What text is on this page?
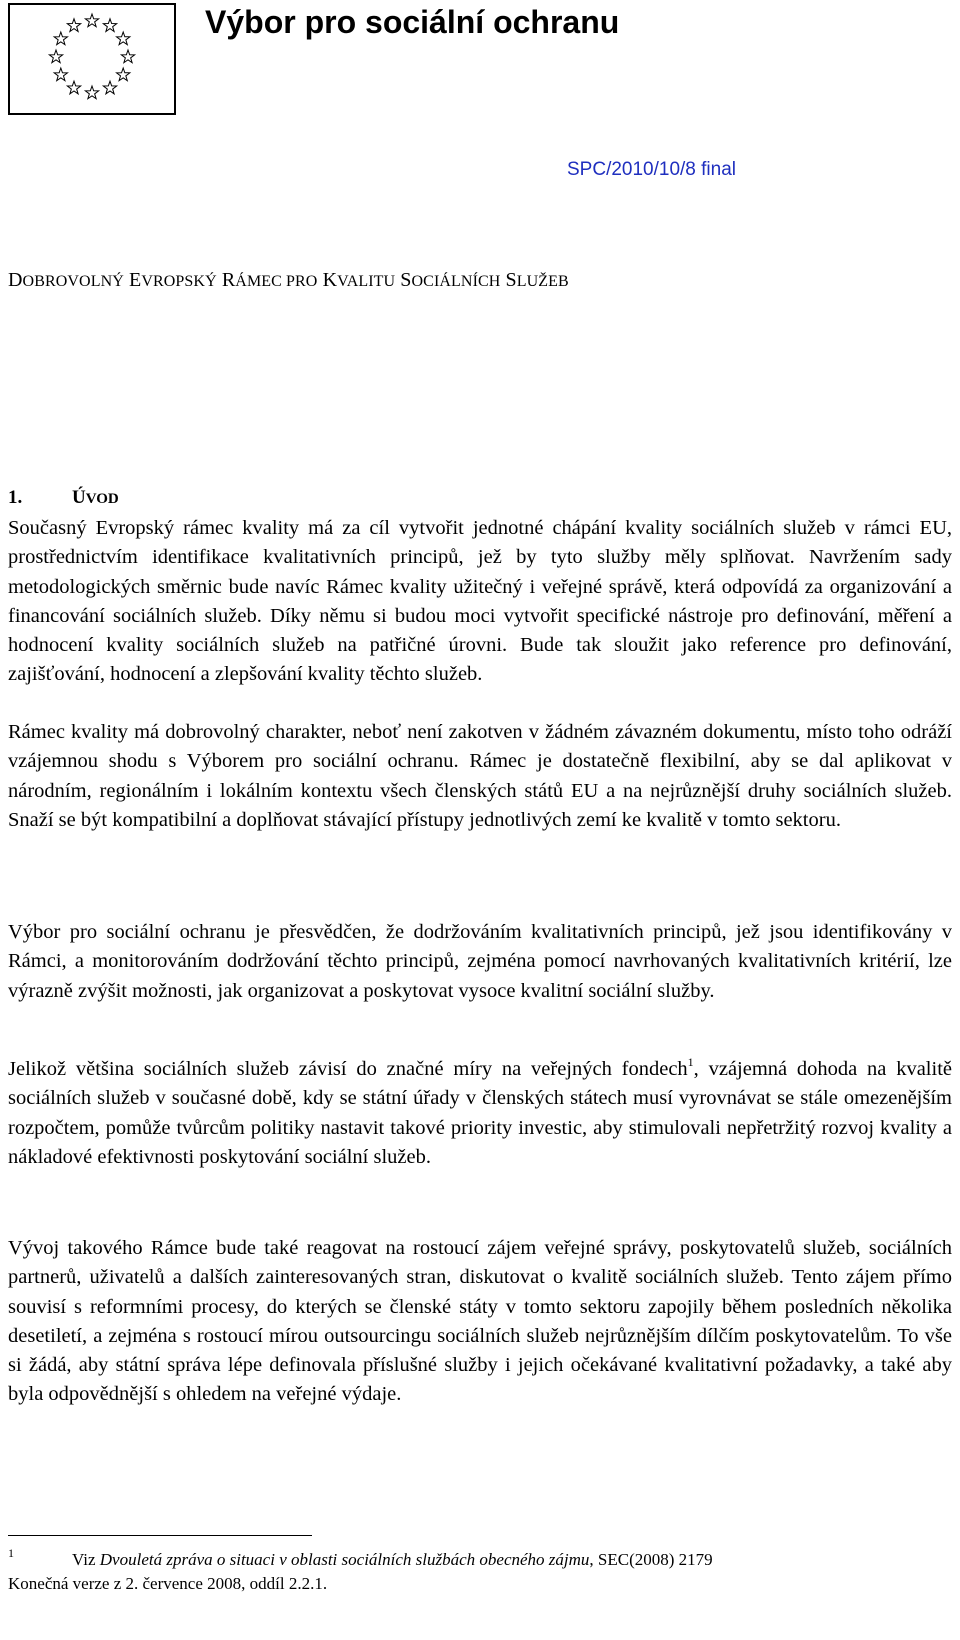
Výbor pro sociální ochranu
SPC/2010/10/8 final
DOBROVOLNÝ EVROPSKÝ RÁMEC PRO KVALITU SOCIÁLNÍCH SLUŽEB
1.	ÚVOD

Současný Evropský rámec kvality má za cíl vytvořit jednotné chápání kvality sociálních služeb v rámci EU, prostřednictvím identifikace kvalitativních principů, jež by tyto služby měly splňovat. Navržením sady metodologických směrnic bude navíc Rámec kvality užitečný i veřejné správě, která odpovídá za organizování a financování sociálních služeb. Díky němu si budou moci vytvořit specifické nástroje pro definování, měření a hodnocení kvality sociálních služeb na patřičné úrovni. Bude tak sloužit jako reference pro definování, zajišťování, hodnocení a zlepšování kvality těchto služeb.

Rámec kvality má dobrovolný charakter, neboť není zakotven v žádném závazném dokumentu, místo toho odráží vzájemnou shodu s Výborem pro sociální ochranu. Rámec je dostatečně flexibilní, aby se dal aplikovat v národním, regionálním i lokálním kontextu všech členských států EU a na nejrůznější druhy sociálních služeb. Snaží se být kompatibilní a doplňovat stávající přístupy jednotlivých zemí ke kvalitě v tomto sektoru.

Výbor pro sociální ochranu je přesvědčen, že dodržováním kvalitativních principů, jež jsou identifikovány v Rámci, a monitorováním dodržování těchto principů, zejména pomocí navrhovaných kvalitativních kritérií, lze výrazně zvýšit možnosti, jak organizovat a poskytovat vysoce kvalitní sociální služby.

Jelikož většina sociálních služeb závisí do značné míry na veřejných fondech$^1$, vzájemná dohoda na kvalitě sociálních služeb v současné době, kdy se státní úřady v členských státech musí vyrovnávat se stále omezenějším rozpočtem, pomůže tvůrcům politiky nastavit takové priority investic, aby stimulovali nepřetržitý rozvoj kvality a nákladové efektivnosti poskytování sociální služeb.

Vývoj takového Rámce bude také reagovat na rostoucí zájem veřejné správy, poskytovatelů služeb, sociálních partnerů, uživatelů a dalších zainteresovaných stran, diskutovat o kvalitě sociálních služeb. Tento zájem přímo souvisí s reformními procesy, do kterých se členské státy v tomto sektoru zapojily během posledních několika desetiletí, a zejména s rostoucí mírou outsourcingu sociálních služeb nejrůznějším dílčím poskytovatelům. To vše si žádá, aby státní správa lépe definovala příslušné služby i jejich očekávané kvalitativní požadavky, a také aby byla odpovědnější s ohledem na veřejné výdaje.

$^1$	Viz Dvouletá zpráva o situaci v oblasti sociálních službách obecného zájmu, SEC(2008) 2179
Konečná verze z 2. července 2008, oddíl 2.2.1.
